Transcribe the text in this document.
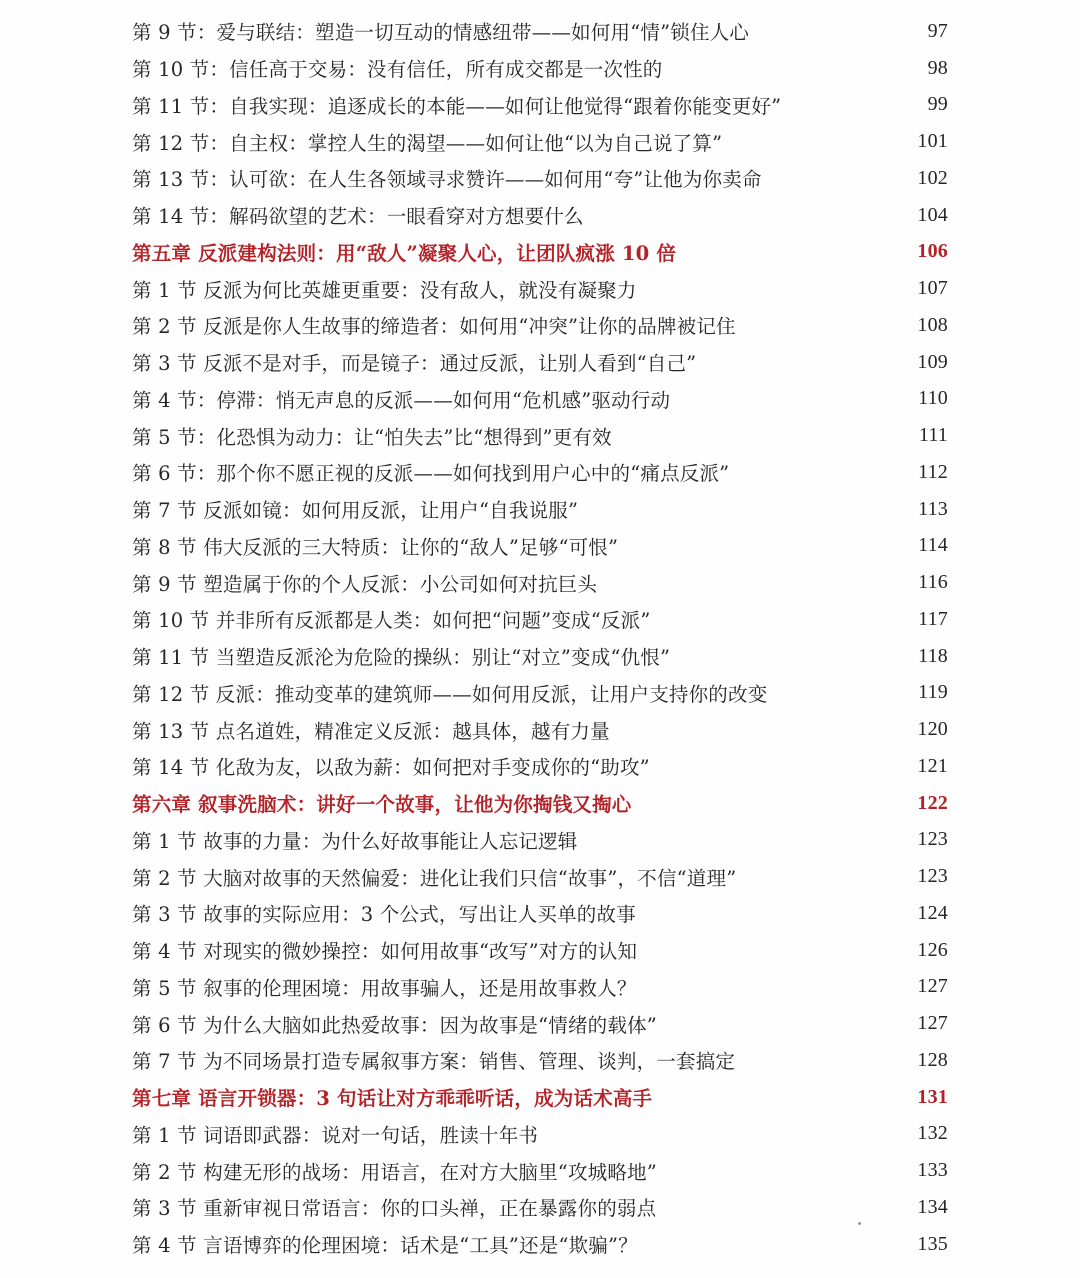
第 9 节：爱与联结：塑造一切互动的情感纽带——如何用“情”锁住人心	97
第 10 节：信任高于交易：没有信任，所有成交都是一次性的	98
第 11 节：自我实现：追逐成长的本能——如何让他觉得“跟着你能变更好”	99
第 12 节：自主权：掌控人生的渴望——如何让他“以为自己说了算”	101
第 13 节：认可欲：在人生各领域寻求赞许——如何用“夸”让他为你卖命	102
第 14 节：解码欲望的艺术：一眼看穿对方想要什么	104
第五章 反派建构法则：用“敌人”凝聚人心，让团队疯涨 10 倍	106
第 1 节 反派为何比英雄更重要：没有敌人，就没有凝聚力	107
第 2 节 反派是你人生故事的缔造者：如何用“冲突”让你的品牌被记住	108
第 3 节 反派不是对手，而是镜子：通过反派，让别人看到“自己”	109
第 4 节：停滞：悄无声息的反派——如何用“危机感”驱动行动	110
第 5 节：化恐惧为动力：让“怕失去”比“想得到”更有效	111
第 6 节：那个你不愿正视的反派——如何找到用户心中的“痛点反派”	112
第 7 节 反派如镜：如何用反派，让用户“自我说服”	113
第 8 节 伟大反派的三大特质：让你的“敌人”足够“可恨”	114
第 9 节 塑造属于你的个人反派：小公司如何对抗巨头	116
第 10 节 并非所有反派都是人类：如何把“问题”变成“反派”	117
第 11 节 当塑造反派沦为危险的操纵：别让“对立”变成“仇恨”	118
第 12 节 反派：推动变革的建筑师——如何用反派，让用户支持你的改变	119
第 13 节 点名道姓，精准定义反派：越具体，越有力量	120
第 14 节 化敌为友，以敌为薪：如何把对手变成你的“助攻”	121
第六章 叙事洗脑术：讲好一个故事，让他为你掏钱又掏心	122
第 1 节 故事的力量：为什么好故事能让人忘记逻辑	123
第 2 节 大脑对故事的天然偏爱：进化让我们只信“故事”，不信“道理”	123
第 3 节 故事的实际应用：3 个公式，写出让人买单的故事	124
第 4 节 对现实的微妙操控：如何用故事“改写”对方的认知	126
第 5 节 叙事的伦理困境：用故事骗人，还是用故事救人？	127
第 6 节 为什么大脑如此热爱故事：因为故事是“情绪的载体”	127
第 7 节 为不同场景打造专属叙事方案：销售、管理、谈判，一套搞定	128
第七章 语言开锁器：3 句话让对方乖乖听话，成为话术高手	131
第 1 节 词语即武器：说对一句话，胜读十年书	132
第 2 节 构建无形的战场：用语言，在对方大脑里“攻城略地”	133
第 3 节 重新审视日常语言：你的口头禅，正在暴露你的弱点	134
第 4 节 言语博弈的伦理困境：话术是“工具”还是“欺骗”？	135
